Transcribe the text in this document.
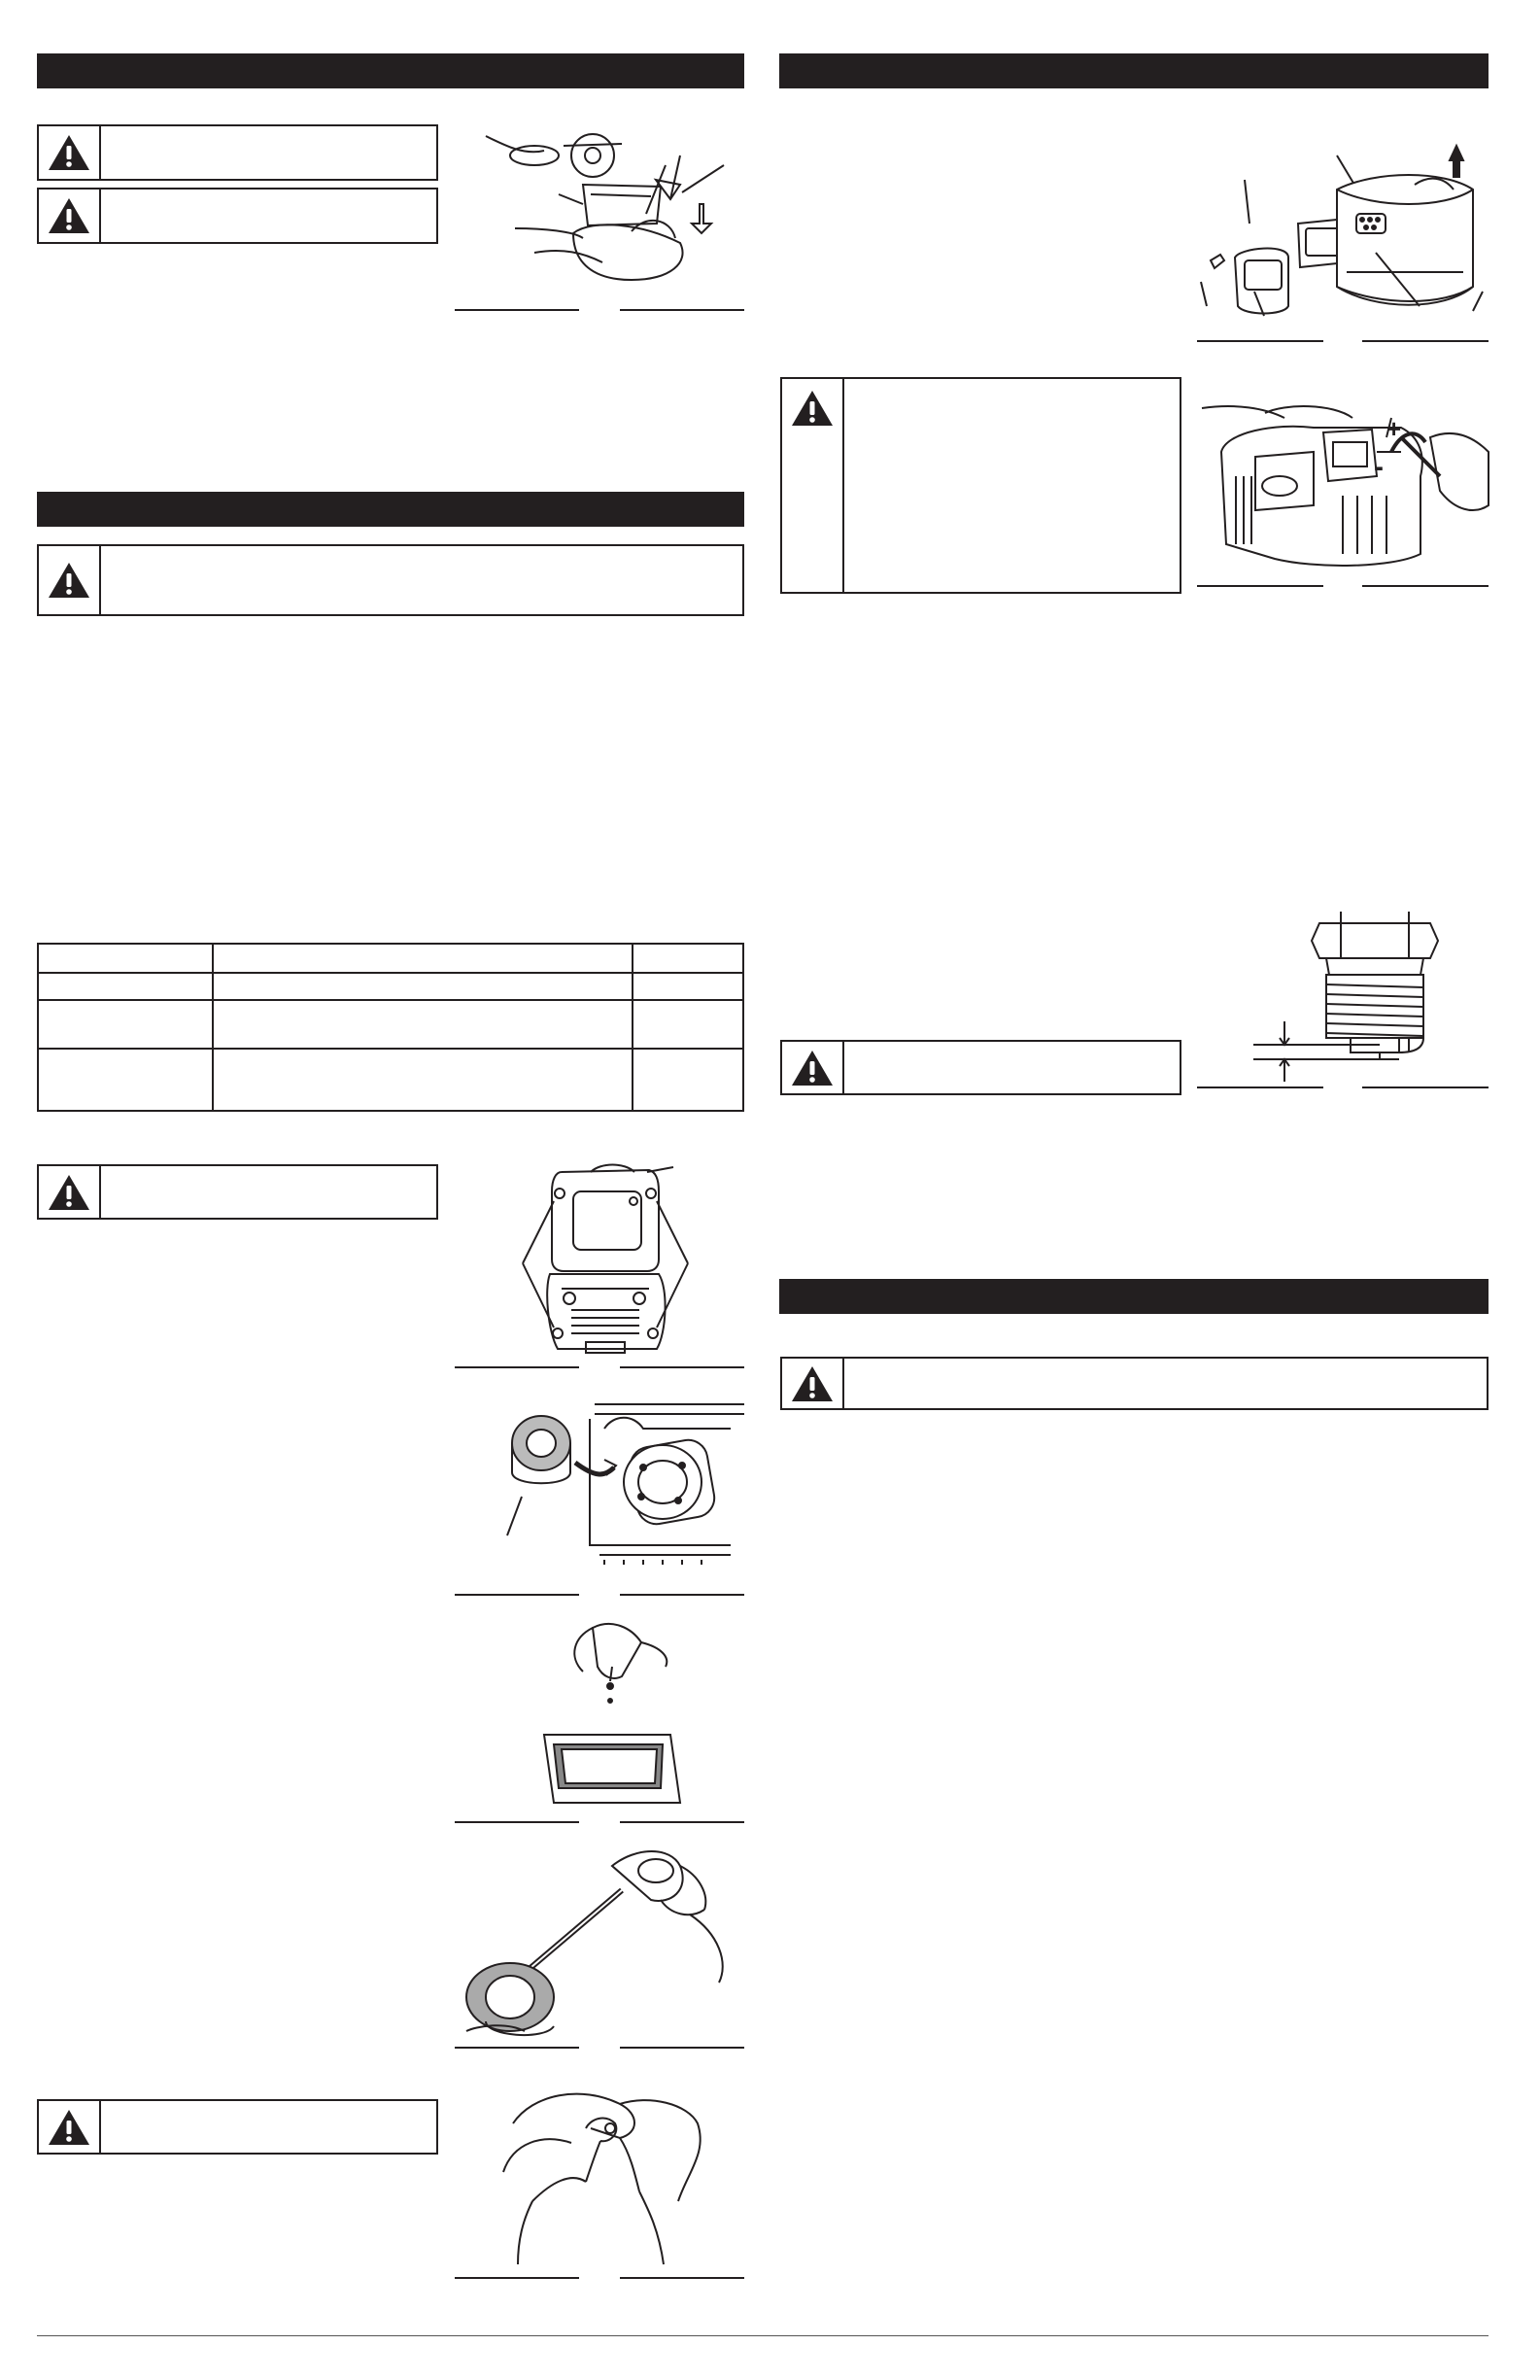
+
-
